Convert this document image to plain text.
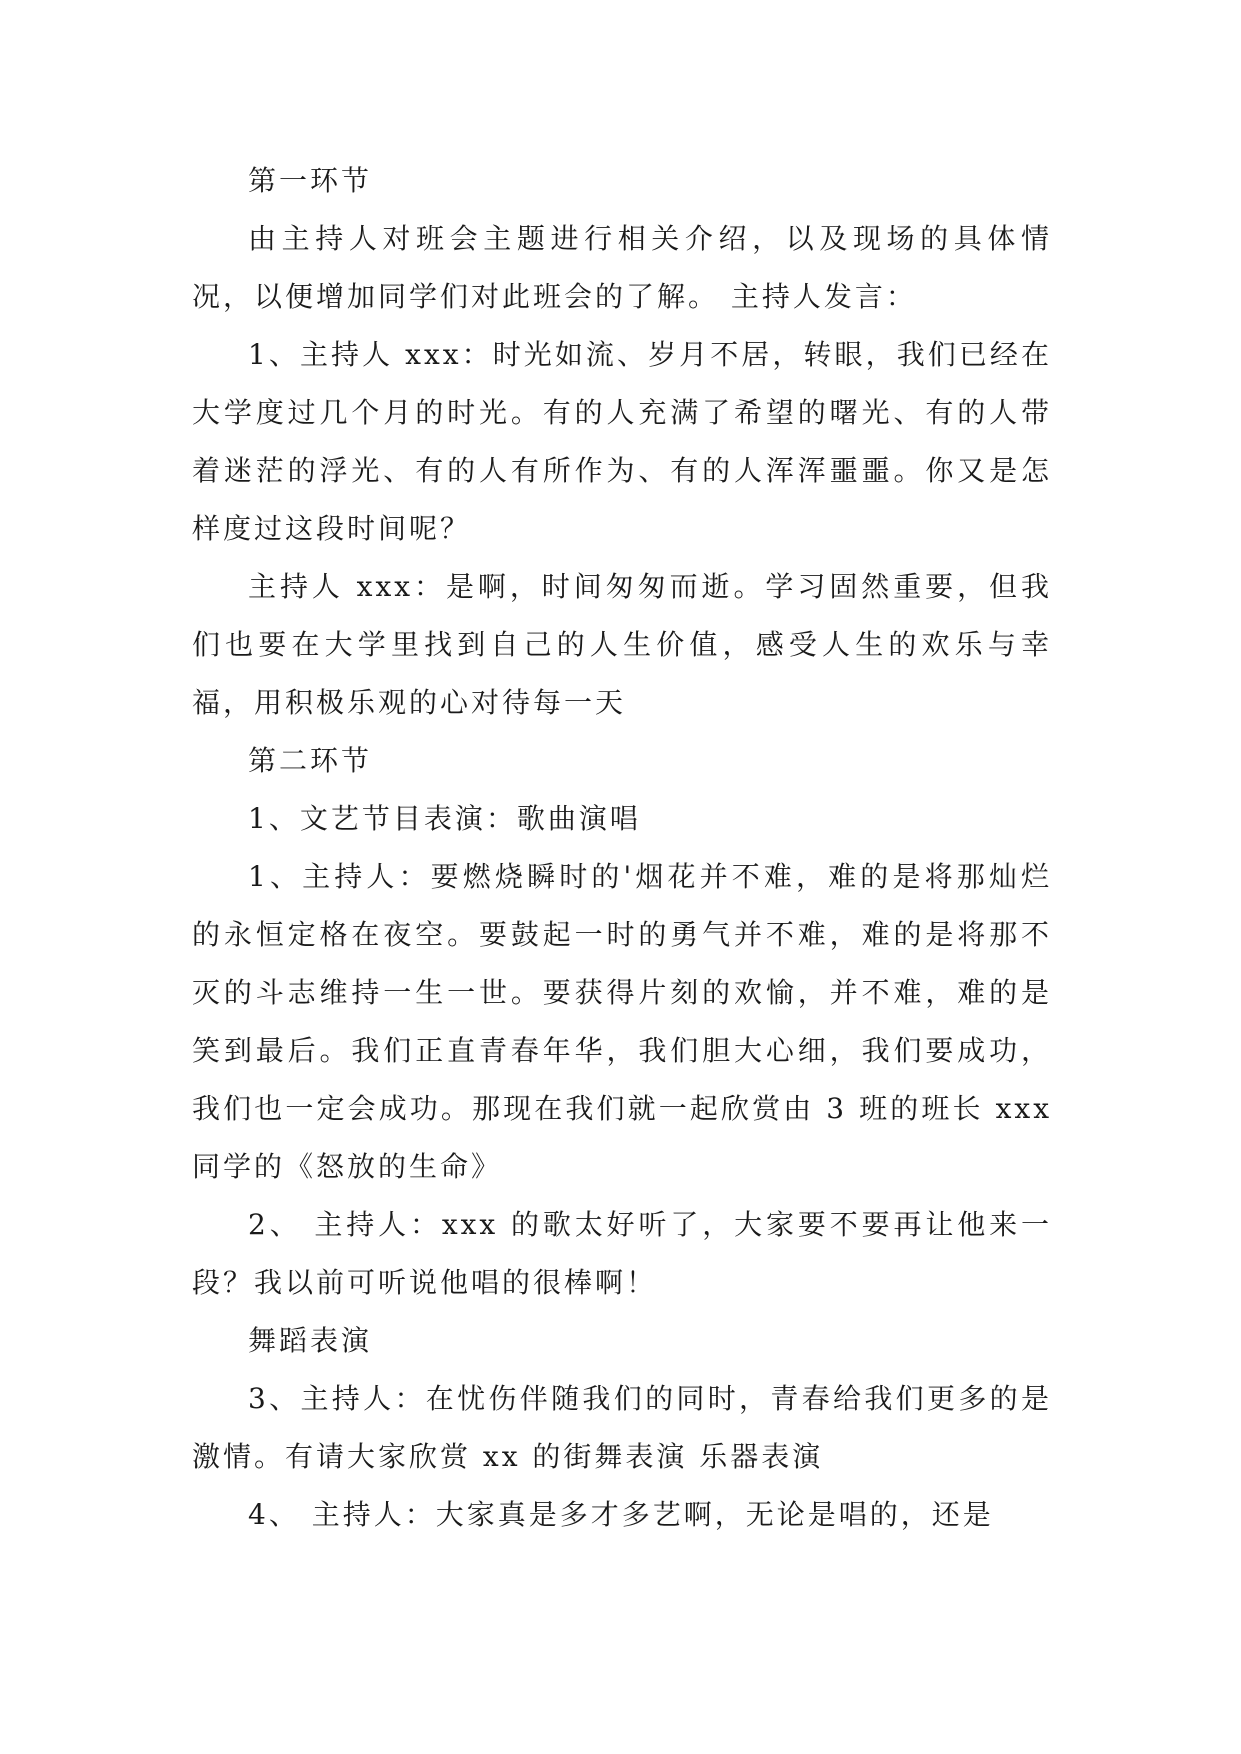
第一环节

由主持人对班会主题进行相关介绍，以及现场的具体情况，以便增加同学们对此班会的了解。 主持人发言：

1、主持人 xxx：时光如流、岁月不居，转眼，我们已经在大学度过几个月的时光。有的人充满了希望的曙光、有的人带着迷茫的浮光、有的人有所作为、有的人浑浑噩噩。你又是怎样度过这段时间呢？

主持人 xxx：是啊，时间匆匆而逝。学习固然重要，但我们也要在大学里找到自己的人生价值，感受人生的欢乐与幸福，用积极乐观的心对待每一天

第二环节

1、文艺节目表演：歌曲演唱

1、主持人：要燃烧瞬时的'烟花并不难，难的是将那灿烂的永恒定格在夜空。要鼓起一时的勇气并不难，难的是将那不灭的斗志维持一生一世。要获得片刻的欢愉，并不难，难的是笑到最后。我们正直青春年华，我们胆大心细，我们要成功，我们也一定会成功。那现在我们就一起欣赏由 3 班的班长 xxx 同学的《怒放的生命》

2、 主持人：xxx 的歌太好听了，大家要不要再让他来一段？我以前可听说他唱的很棒啊！

舞蹈表演

3、主持人：在忧伤伴随我们的同时，青春给我们更多的是激情。有请大家欣赏 xx 的街舞表演 乐器表演

4、 主持人：大家真是多才多艺啊，无论是唱的，还是
